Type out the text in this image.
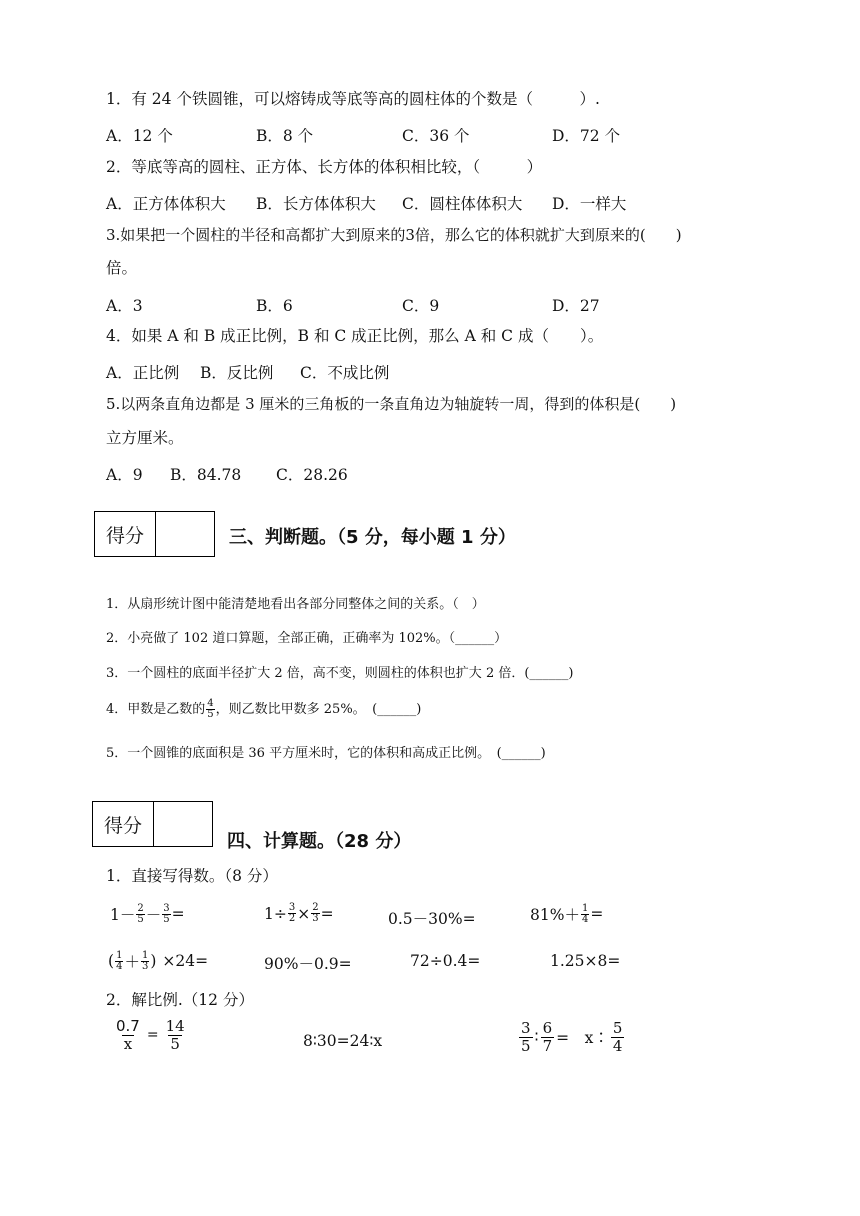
1．有 24 个铁圆锥，可以熔铸成等底等高的圆柱体的个数是（　　　）.
A．12 个	B．8 个	C．36 个	D．72 个
2．等底等高的圆柱、正方体、长方体的体积相比较，（　　　）
A．正方体体积大 B．长方体体积大 C．圆柱体体积大 D．一样大
3.如果把一个圆柱的半径和高都扩大到原来的3倍，那么它的体积就扩大到原来的(　　)
倍。
A．3	B．6	C．9	D．27
4．如果 A 和 B 成正比例，B 和 C 成正比例，那么 A 和 C 成（　　）。
A．正比例 B．反比例 C．不成比例
5.以两条直角边都是 3 厘米的三角板的一条直角边为轴旋转一周，得到的体积是(　　)
立方厘米。
A．9 B．84.78 C．28.26
得分	三、判断题。（5 分，每小题 1 分）
1．从扇形统计图中能清楚地看出各部分同整体之间的关系。（　）
2．小亮做了 102 道口算题，全部正确，正确率为 102%。（______）
3．一个圆柱的底面半径扩大 2 倍，高不变，则圆柱的体积也扩大 2 倍．(______)
4．甲数是乙数的 $\frac{4}{5}$ ，则乙数比甲数多 25%。　(______)
5．一个圆锥的底面积是 36 平方厘米时，它的体积和高成正比例。　(______)
得分
四、计算题。（28 分）
1．直接写得数。（8 分）
$1- \frac{2}{5} - \frac{3}{5}$ =	$1\div \frac{3}{2} \times \frac{2}{3}$ =	0.5－30%=	$81\%+ \frac{1}{4}$ =
( $\frac{1}{4} + \frac{1}{3}$ ) ×24=	90%－0.9=	72÷0.4=	1.25×8=
2．解比例.（12 分）
$\frac{0.7}{x} = \frac{14}{5}$	8∶30=24∶x	$\frac{3}{5}$ ∶ $\frac{6}{7}$ =　x∶ $\frac{5}{4}$
